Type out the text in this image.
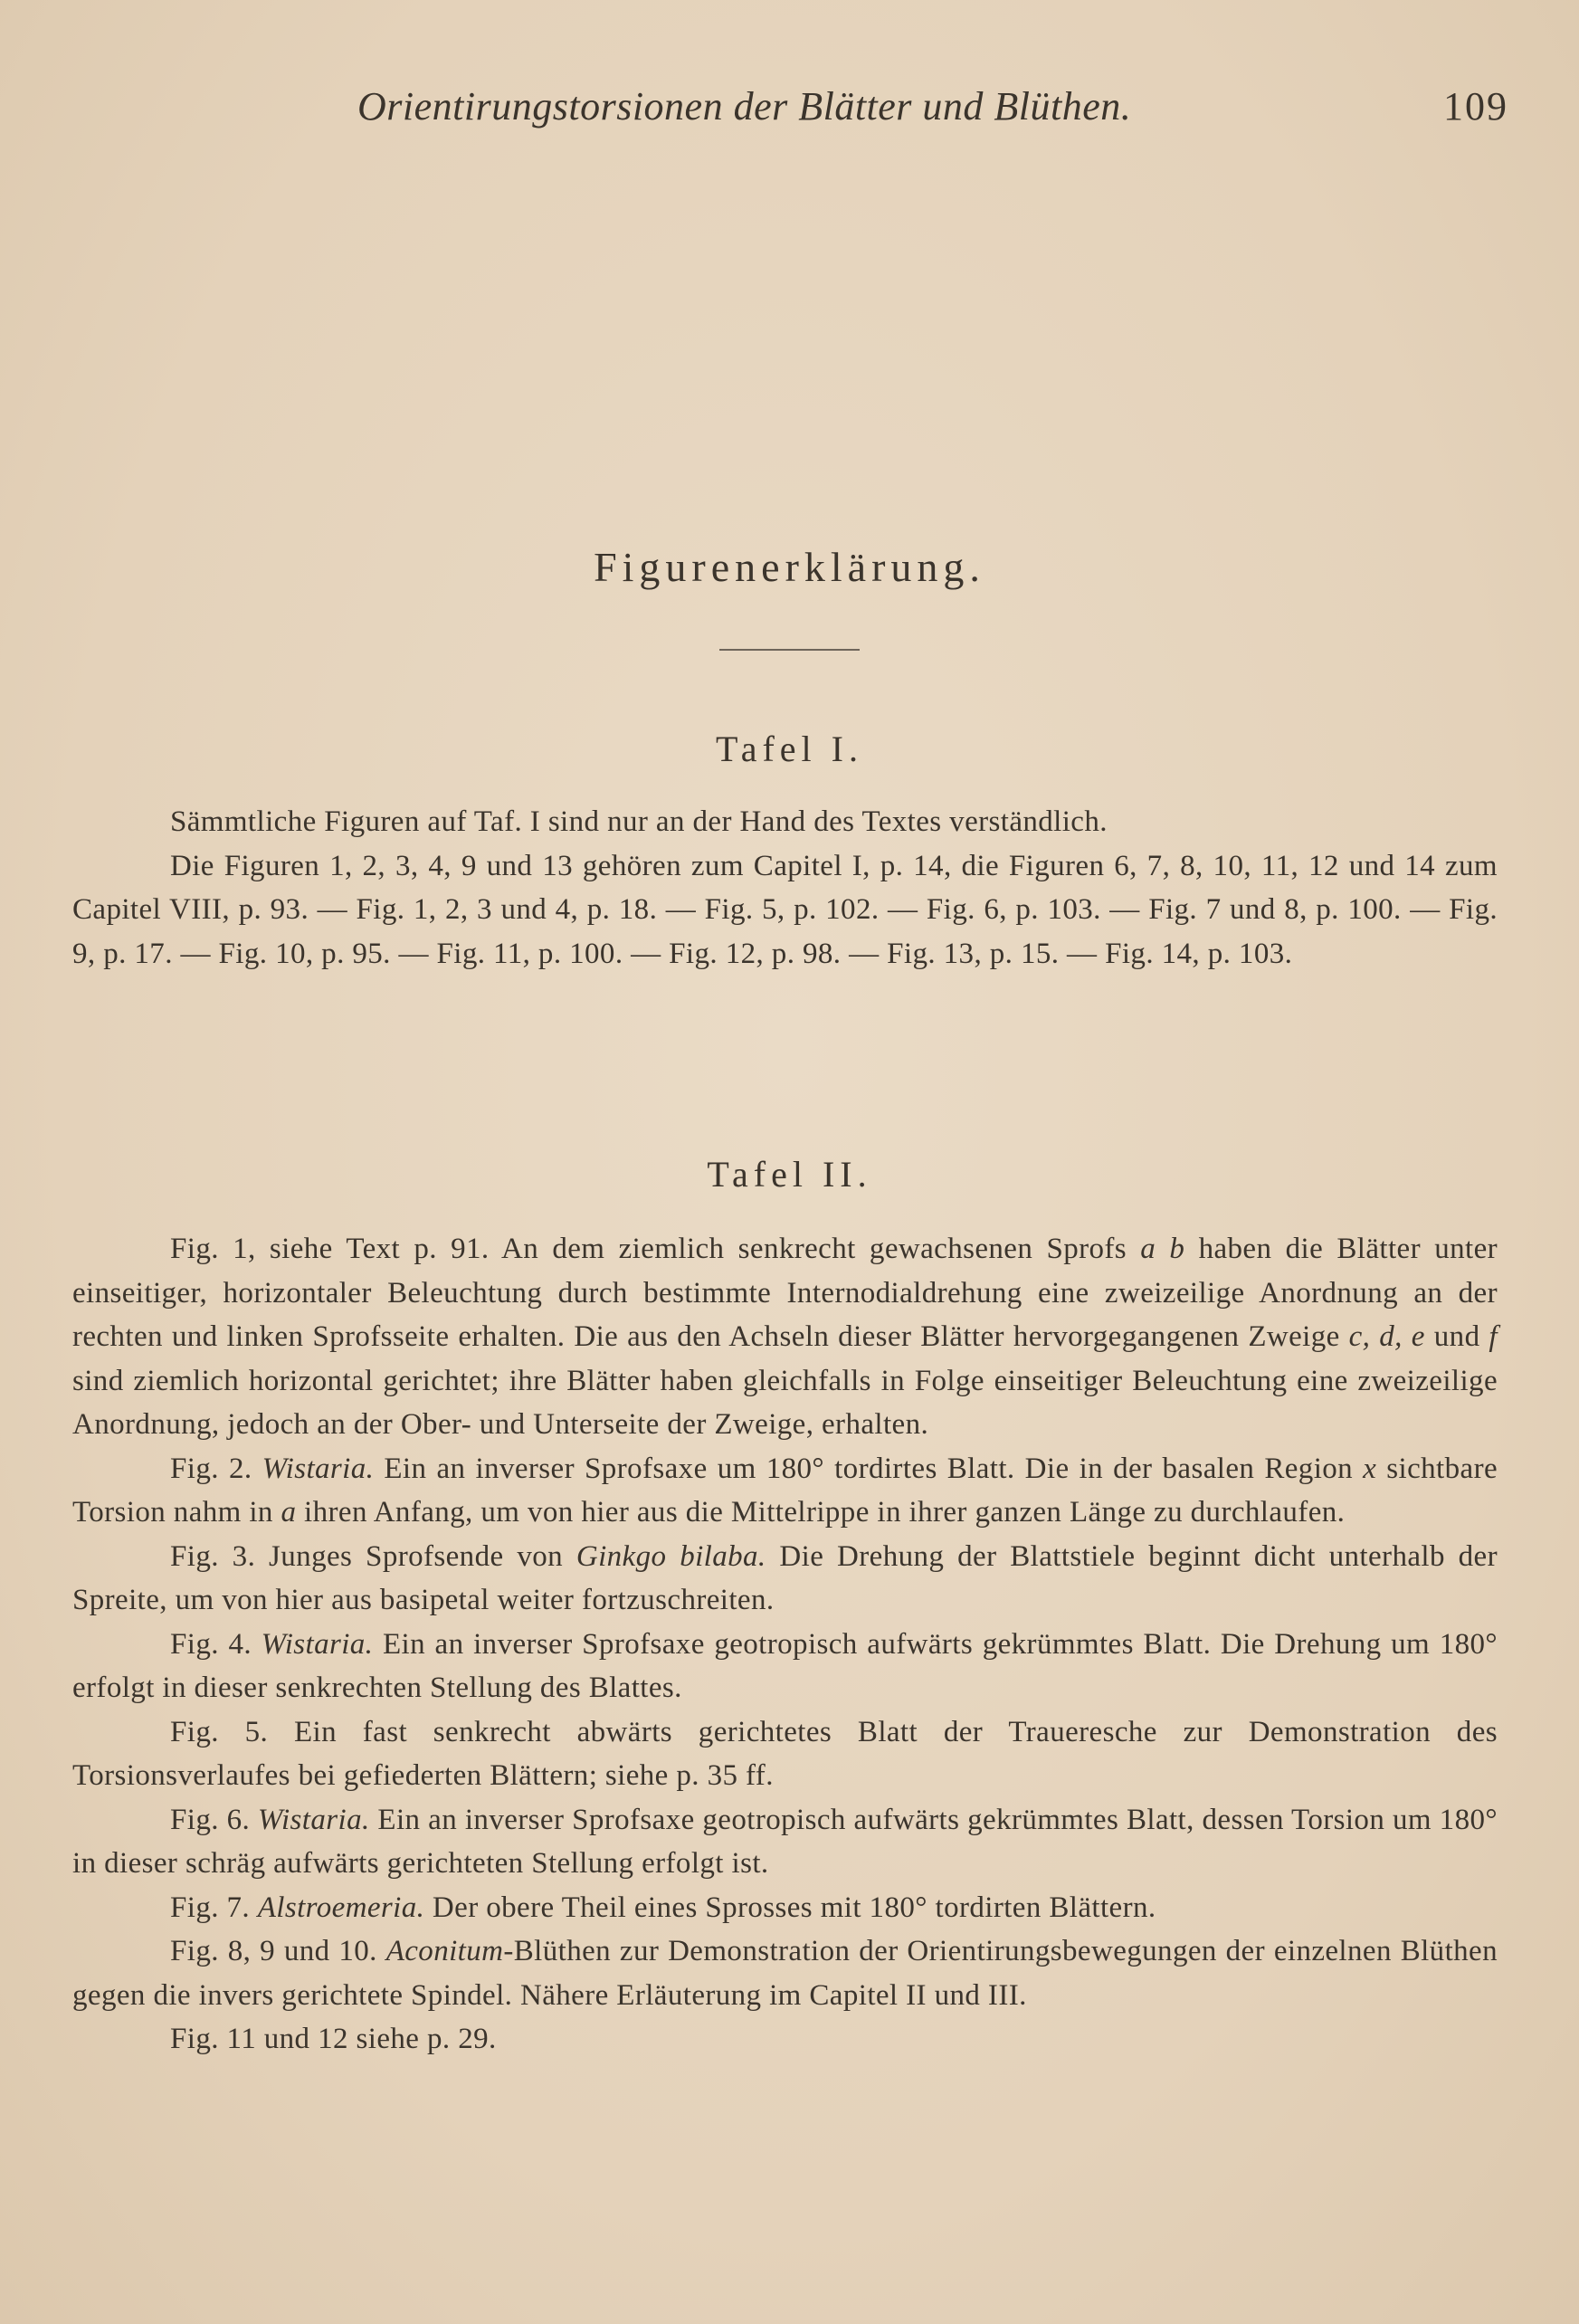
Orientirungstorsionen der Blätter und Blüthen.	109
Figurenerklärung.
Tafel I.

Sämmtliche Figuren auf Taf. I sind nur an der Hand des Textes verständlich.

Die Figuren 1, 2, 3, 4, 9 und 13 gehören zum Capitel I, p. 14, die Figuren 6, 7, 8, 10, 11, 12 und 14 zum Capitel VIII, p. 93. — Fig. 1, 2, 3 und 4, p. 18. — Fig. 5, p. 102. — Fig. 6, p. 103. — Fig. 7 und 8, p. 100. — Fig. 9, p. 17. — Fig. 10, p. 95. — Fig. 11, p. 100. — Fig. 12, p. 98. — Fig. 13, p. 15. — Fig. 14, p. 103.

Tafel II.

Fig. 1, siehe Text p. 91. An dem ziemlich senkrecht gewachsenen Sprofs a b haben die Blätter unter einseitiger, horizontaler Beleuchtung durch bestimmte Internodialdrehung eine zweizeilige Anordnung an der rechten und linken Sprofsseite erhalten. Die aus den Achseln dieser Blätter hervorgegangenen Zweige c, d, e und f sind ziemlich horizontal gerichtet; ihre Blätter haben gleichfalls in Folge einseitiger Beleuchtung eine zweizeilige Anordnung, jedoch an der Ober- und Unterseite der Zweige, erhalten.

Fig. 2. Wistaria. Ein an inverser Sprofsaxe um 180° tordirtes Blatt. Die in der basalen Region x sichtbare Torsion nahm in a ihren Anfang, um von hier aus die Mittelrippe in ihrer ganzen Länge zu durchlaufen.

Fig. 3. Junges Sprofsende von Ginkgo bilaba. Die Drehung der Blattstiele beginnt dicht unterhalb der Spreite, um von hier aus basipetal weiter fortzuschreiten.

Fig. 4. Wistaria. Ein an inverser Sprofsaxe geotropisch aufwärts gekrümmtes Blatt. Die Drehung um 180° erfolgt in dieser senkrechten Stellung des Blattes.

Fig. 5. Ein fast senkrecht abwärts gerichtetes Blatt der Traueresche zur Demonstration des Torsionsverlaufes bei gefiederten Blättern; siehe p. 35 ff.

Fig. 6. Wistaria. Ein an inverser Sprofsaxe geotropisch aufwärts gekrümmtes Blatt, dessen Torsion um 180° in dieser schräg aufwärts gerichteten Stellung erfolgt ist.

Fig. 7. Alstroemeria. Der obere Theil eines Sprosses mit 180° tordirten Blättern.

Fig. 8, 9 und 10. Aconitum-Blüthen zur Demonstration der Orientirungsbewegungen der einzelnen Blüthen gegen die invers gerichtete Spindel. Nähere Erläuterung im Capitel II und III.

Fig. 11 und 12 siehe p. 29.
